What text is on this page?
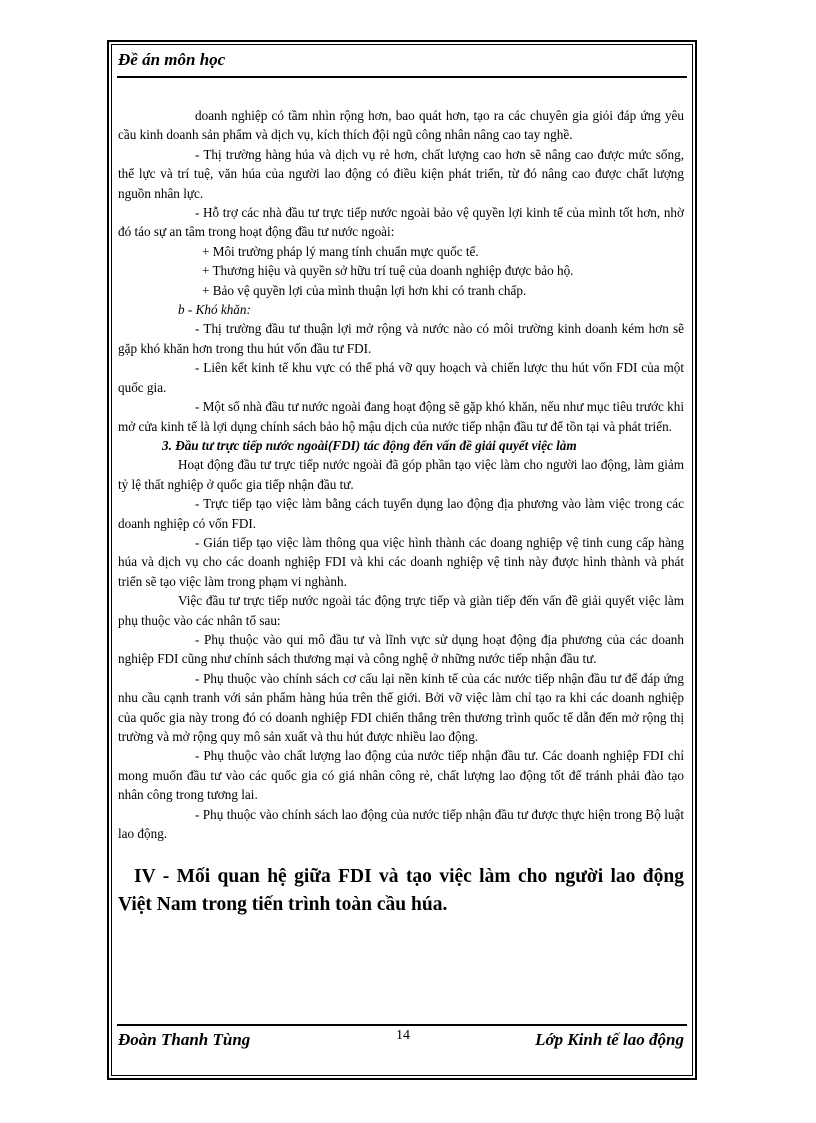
Đề án môn học

doanh nghiệp có tầm nhìn rộng hơn, bao quát hơn, tạo ra các chuyên gia giỏi đáp ứng yêu cầu kinh doanh sản phẩm và dịch vụ, kích thích đội ngũ công nhân nâng cao tay nghề.

- Thị trường hàng húa và dịch vụ rẻ hơn, chất lượng cao hơn sẽ nâng cao được mức sống, thể lực và trí tuệ, văn húa của người lao động có điều kiện phát triển, từ đó nâng cao được chất lượng nguồn nhân lực.

- Hỗ trợ các nhà đầu tư trực tiếp nước ngoài bảo vệ quyền lợi kinh tế của mình tốt hơn, nhờ đó táo sự an tâm trong hoạt động đầu tư nước ngoài:

+ Môi trường pháp lý mang tính chuẩn mực quốc tế.

+ Thương hiệu và quyền sở hữu trí tuệ của doanh nghiệp được bảo hộ.

+ Bảo vệ quyền lợi của mình thuận lợi hơn khi có tranh chấp.

b - Khó khăn:

- Thị trường đầu tư thuận lợi mở rộng và nước nào có môi trường kinh doanh kém hơn sẽ gặp khó khăn hơn trong thu hút vốn đầu tư FDI.

- Liên kết kinh tế khu vực có thể phá vỡ quy hoạch và chiến lược thu hút vốn FDI của một quốc gia.

- Một số nhà đầu tư nước ngoài đang hoạt động sẽ gặp khó khăn, nếu như mục tiêu trước khi mở cửa kinh tế là lợi dụng chính sách bảo hộ mậu dịch của nước tiếp nhận đầu tư để tồn tại và phát triển.

3. Đầu tư trực tiếp nước ngoài(FDI) tác động đến vấn đề giải quyết việc làm

Hoạt động đầu tư trực tiếp nước ngoài đã góp phần tạo việc làm cho người lao động, làm giảm tỷ lệ thất nghiệp ở quốc gia tiếp nhận đầu tư.

- Trực tiếp tạo việc làm bằng cách tuyển dụng lao động địa phương vào làm việc trong các doanh nghiệp có vốn FDI.

- Gián tiếp tạo việc làm thông qua việc hình thành các doang nghiệp vệ tinh cung cấp hàng húa và dịch vụ cho các doanh nghiệp FDI và khi các doanh nghiệp vệ tinh này được hình thành và phát triển sẽ tạo việc làm trong phạm vi nghành.

Việc đầu tư trực tiếp nước ngoài tác động trực tiếp và giàn tiếp đến vấn đề giải quyết việc làm phụ thuộc vào các nhân tố sau:

- Phụ thuộc vào qui mô đầu tư và lĩnh vực sử dụng hoạt động địa phương của các doanh nghiệp FDI cũng như chính sách thương mại và công nghệ ở những nước tiếp nhận đầu tư.

- Phụ thuộc vào chính sách cơ cấu lại nền kinh tế của các nước tiếp nhận đầu tư để đáp ứng nhu cầu cạnh tranh với sản phẩm hàng húa trên thế giới. Bởi vỡ việc làm chỉ tạo ra khi các doanh nghiệp của quốc gia này trong đó có doanh nghiệp FDI chiến thắng trên thương trình quốc tế dẫn đến mở rộng thị trường và mở rộng quy mô sản xuất và thu hút được nhiều lao động.

- Phụ thuộc vào chất lượng lao động của nước tiếp nhận đầu tư. Các doanh nghiệp FDI chỉ mong muốn đầu tư vào các quốc gia có giá nhân công rẻ, chất lượng lao động tốt để tránh phải đào tạo nhân công trong tương lai.

- Phụ thuộc vào chính sách lao động của nước tiếp nhận đầu tư được thực hiện trong Bộ luật lao động.

IV - Mối quan hệ giữa FDI và tạo việc làm cho người lao động Việt Nam trong tiến trình toàn cầu húa.

Đoàn Thanh Tùng	14	Lớp Kinh tế lao động
